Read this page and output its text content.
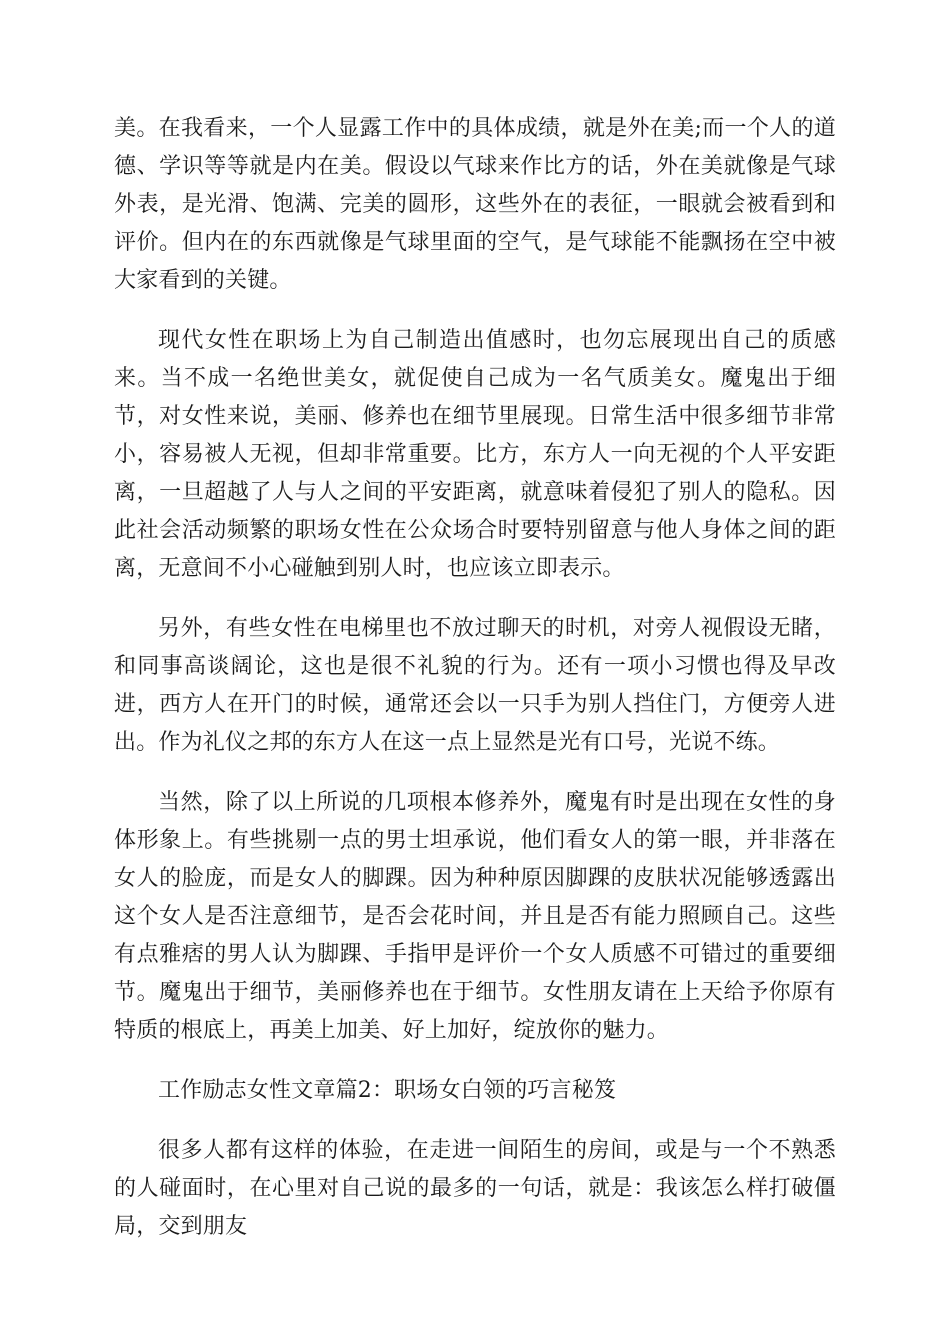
美。在我看来，一个人显露工作中的具体成绩，就是外在美;而一个人的道德、学识等等就是内在美。假设以气球来作比方的话，外在美就像是气球外表，是光滑、饱满、完美的圆形，这些外在的表征，一眼就会被看到和评价。但内在的东西就像是气球里面的空气，是气球能不能飘扬在空中被大家看到的关键。

现代女性在职场上为自己制造出值感时，也勿忘展现出自己的质感来。当不成一名绝世美女，就促使自己成为一名气质美女。魔鬼出于细节，对女性来说，美丽、修养也在细节里展现。日常生活中很多细节非常小，容易被人无视，但却非常重要。比方，东方人一向无视的个人平安距离，一旦超越了人与人之间的平安距离，就意味着侵犯了别人的隐私。因此社会活动频繁的职场女性在公众场合时要特别留意与他人身体之间的距离，无意间不小心碰触到别人时，也应该立即表示。

另外，有些女性在电梯里也不放过聊天的时机，对旁人视假设无睹，和同事高谈阔论，这也是很不礼貌的行为。还有一项小习惯也得及早改进，西方人在开门的时候，通常还会以一只手为别人挡住门，方便旁人进出。作为礼仪之邦的东方人在这一点上显然是光有口号，光说不练。

当然，除了以上所说的几项根本修养外，魔鬼有时是出现在女性的身体形象上。有些挑剔一点的男士坦承说，他们看女人的第一眼，并非落在女人的脸庞，而是女人的脚踝。因为种种原因脚踝的皮肤状况能够透露出这个女人是否注意细节，是否会花时间，并且是否有能力照顾自己。这些有点雅痞的男人认为脚踝、手指甲是评价一个女人质感不可错过的重要细节。魔鬼出于细节，美丽修养也在于细节。女性朋友请在上天给予你原有特质的根底上，再美上加美、好上加好，绽放你的魅力。

工作励志女性文章篇2：职场女白领的巧言秘笈

很多人都有这样的体验，在走进一间陌生的房间，或是与一个不熟悉的人碰面时，在心里对自己说的最多的一句话，就是：我该怎么样打破僵局，交到朋友
